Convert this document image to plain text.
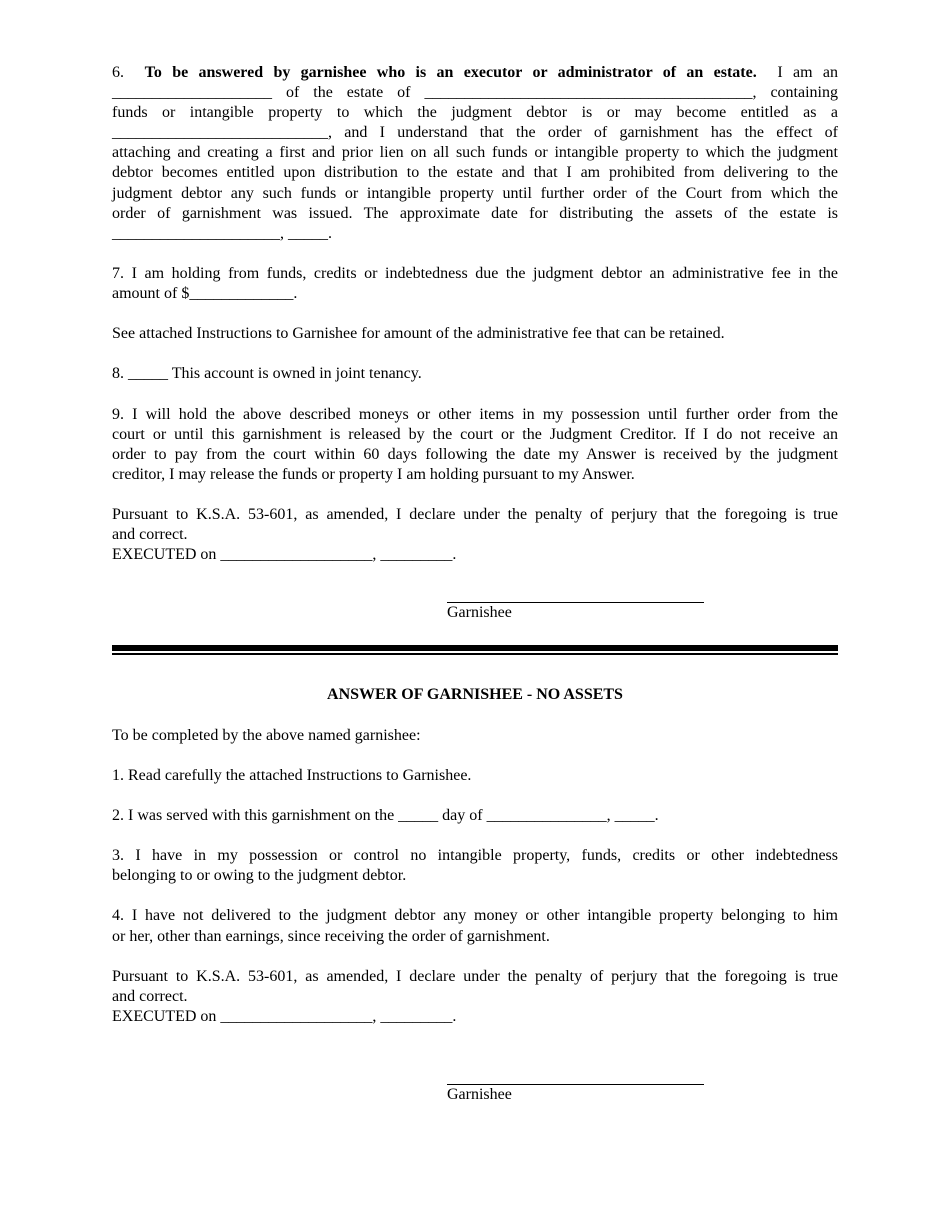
6. To be answered by garnishee who is an executor or administrator of an estate. I am an

____________________ of the estate of _________________________________________, containing

funds or intangible property to which the judgment debtor is or may become entitled as a

___________________________, and I understand that the order of garnishment has the effect of

attaching and creating a first and prior lien on all such funds or intangible property to which the judgment

debtor becomes entitled upon distribution to the estate and that I am prohibited from delivering to the

judgment debtor any such funds or intangible property until further order of the Court from which the

order of garnishment was issued. The approximate date for distributing the assets of the estate is

_____________________, _____.

7. I am holding from funds, credits or indebtedness due the judgment debtor an administrative fee in the

amount of $_____________.

See attached Instructions to Garnishee for amount of the administrative fee that can be retained.

8. _____ This account is owned in joint tenancy.

9. I will hold the above described moneys or other items in my possession until further order from the

court or until this garnishment is released by the court or the Judgment Creditor. If I do not receive an

order to pay from the court within 60 days following the date my Answer is received by the judgment

creditor, I may release the funds or property I am holding pursuant to my Answer.

Pursuant to K.S.A. 53-601, as amended, I declare under the penalty of perjury that the foregoing is true

and correct.

EXECUTED on ___________________, _________.

Garnishee

ANSWER OF GARNISHEE - NO ASSETS

To be completed by the above named garnishee:

1. Read carefully the attached Instructions to Garnishee.

2. I was served with this garnishment on the _____ day of _______________, _____.

3. I have in my possession or control no intangible property, funds, credits or other indebtedness

belonging to or owing to the judgment debtor.

4. I have not delivered to the judgment debtor any money or other intangible property belonging to him

or her, other than earnings, since receiving the order of garnishment.

Pursuant to K.S.A. 53-601, as amended, I declare under the penalty of perjury that the foregoing is true

and correct.

EXECUTED on ___________________, _________.

Garnishee
